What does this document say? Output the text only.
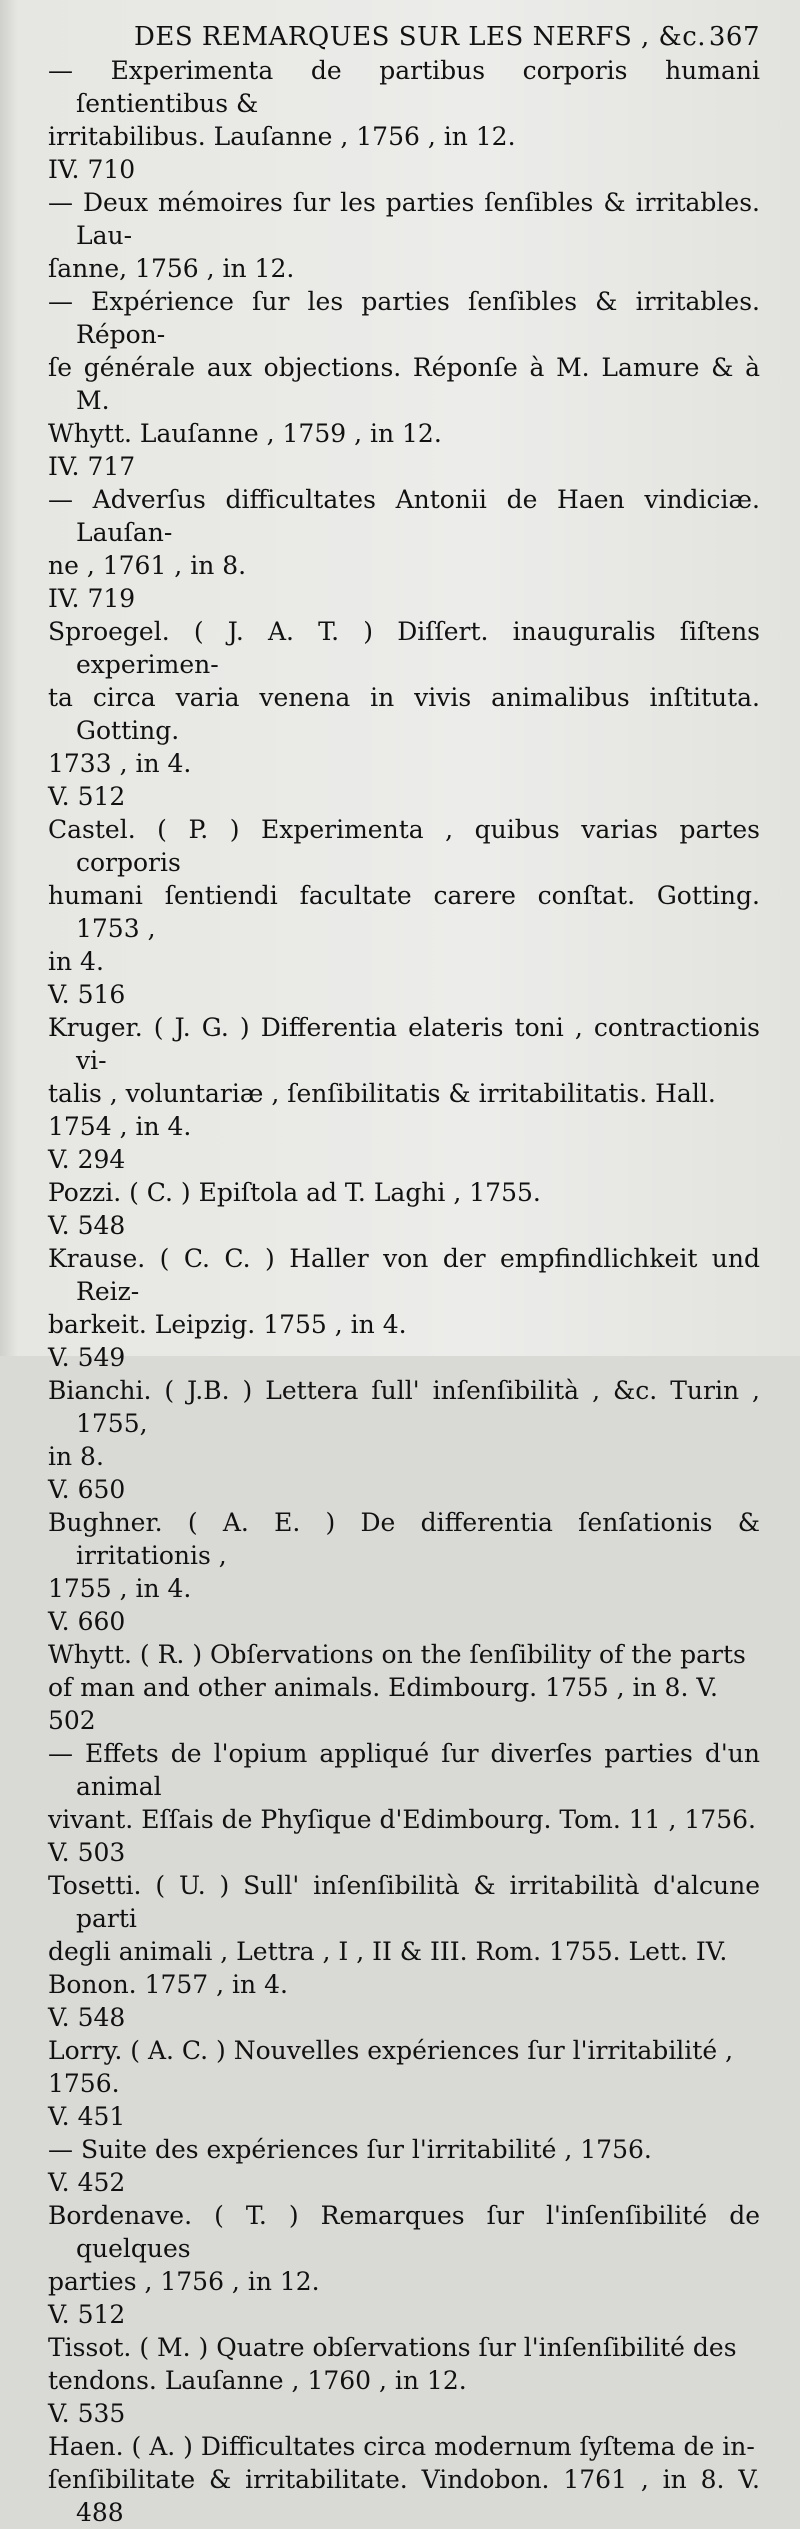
DES REMARQUES SUR LES NERFS , &c. 367
— Experimenta de partibus corporis humani ſentientibus &
irritabilibus. Lauſanne , 1756 , in 12.
IV. 710
— Deux mémoires ſur les parties ſenſibles & irritables. Lau-
ſanne, 1756 , in 12.
— Expérience ſur les parties ſenſibles & irritables. Répon-
ſe générale aux objections. Réponſe à M. Lamure & à M.
Whytt. Lauſanne , 1759 , in 12.
IV. 717
— Adverſus difficultates Antonii de Haen vindiciæ. Lauſan-
ne , 1761 , in 8.
IV. 719
Sproegel. ( J. A. T. ) Diſſert. inauguralis ſiſtens experimen-
ta circa varia venena in vivis animalibus inſtituta. Gotting.
1733 , in 4.
V. 512
Castel. ( P. ) Experimenta , quibus varias partes corporis
humani ſentiendi facultate carere conſtat. Gotting. 1753 ,
in 4.
V. 516
Kruger. ( J. G. ) Differentia elateris toni , contractionis vi-
talis , voluntariæ , ſenſibilitatis & irritabilitatis. Hall.
1754 , in 4.
V. 294
Pozzi. ( C. ) Epiſtola ad T. Laghi , 1755.
V. 548
Krause. ( C. C. ) Haller von der empfindlichkeit und Reiz-
barkeit. Leipzig. 1755 , in 4.
V. 549
Bianchi. ( J.B. ) Lettera ſull' inſenſibilità , &c. Turin , 1755,
in 8.
V. 650
Bughner. ( A. E. ) De differentia ſenſationis & irritationis ,
1755 , in 4.
V. 660
Whytt. ( R. ) Obſervations on the ſenſibility of the parts
of man and other animals. Edimbourg. 1755 , in 8. V.
502
— Effets de l'opium appliqué ſur diverſes parties d'un animal
vivant. Eſſais de Phyſique d'Edimbourg. Tom. 11 , 1756.
V. 503
Tosetti. ( U. ) Sull' inſenſibilità & irritabilità d'alcune parti
degli animali , Lettra , I , II & III. Rom. 1755. Lett. IV.
Bonon. 1757 , in 4.
V. 548
Lorry. ( A. C. ) Nouvelles expériences ſur l'irritabilité ,
1756.
V. 451
— Suite des expériences ſur l'irritabilité , 1756.
V. 452
Bordenave. ( T. ) Remarques ſur l'inſenſibilité de quelques
parties , 1756 , in 12.
V. 512
Tissot. ( M. ) Quatre obſervations ſur l'inſenſibilité des
tendons. Lauſanne , 1760 , in 12.
V. 535
Haen. ( A. ) Difficultates circa modernum ſyſtema de in-
ſenſibilitate & irritabilitate. Vindobon. 1761 , in 8. V. 488
